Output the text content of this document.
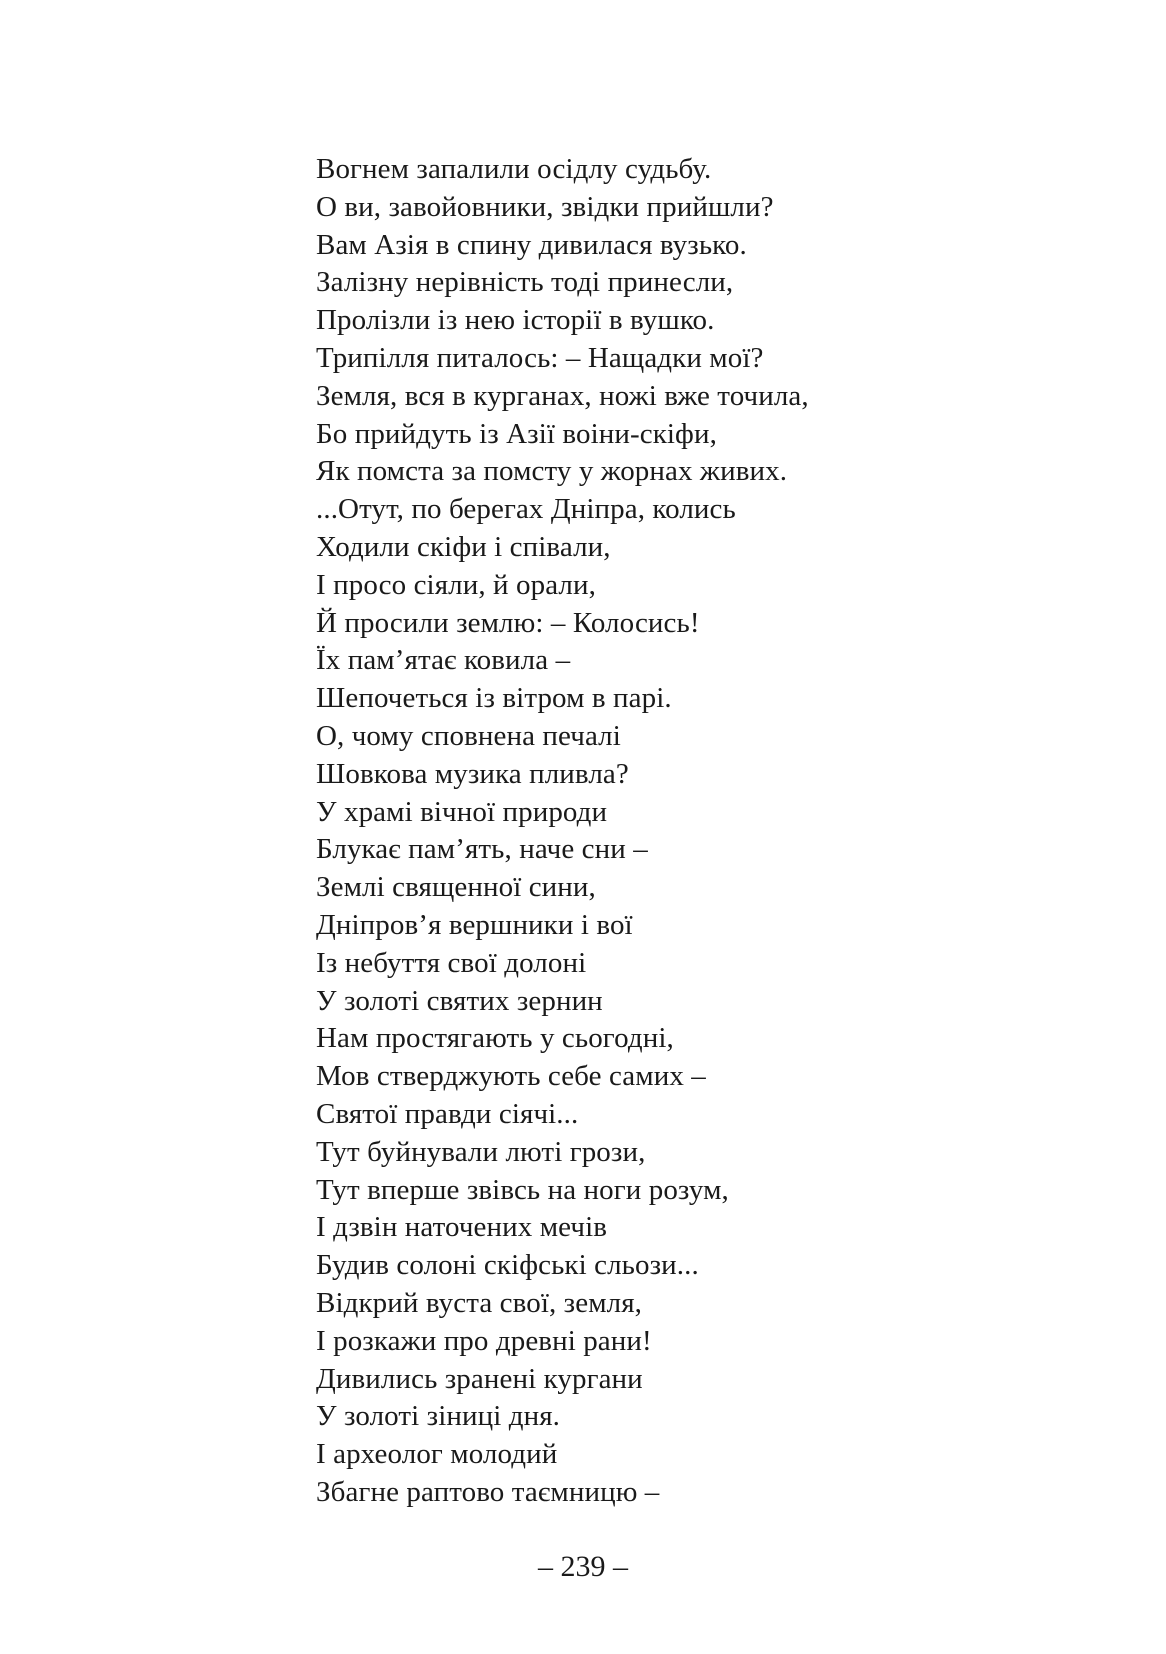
Вогнем запалили осідлу судьбу.
О ви, завойовники, звідки прийшли?
Вам Азія в спину дивилася вузько.
Залізну нерівність тоді принесли,
Пролізли із нею історії в вушко.
Трипілля питалось: – Нащадки мої?
Земля, вся в курганах, ножі вже точила,
Бо прийдуть із Азії воіни-скіфи,
Як помста за помсту у жорнах живих.
...Отут, по берегах Дніпра, колись
Ходили скіфи і співали,
І просо сіяли, й орали,
Й просили землю: – Колосись!
Їх пам’ятає ковила –
Шепочеться із вітром в парі.
О, чому сповнена печалі
Шовкова музика пливла?
У храмі вічної природи
Блукає пам’ять, наче сни –
Землі священної сини,
Дніпров’я вершники і вої
Із небуття свої долоні
У золоті святих зернин
Нам простягають у сьогодні,
Мов стверджують себе самих –
Святої правди сіячі...
Тут буйнували люті грози,
Тут вперше звівсь на ноги розум,
І дзвін наточених мечів
Будив солоні скіфські сльози...
Відкрий вуста свої, земля,
І розкажи про древні рани!
Дивились зранені кургани
У золоті зіниці дня.
І археолог молодий
Збагне раптово таємницю –
– 239 –
